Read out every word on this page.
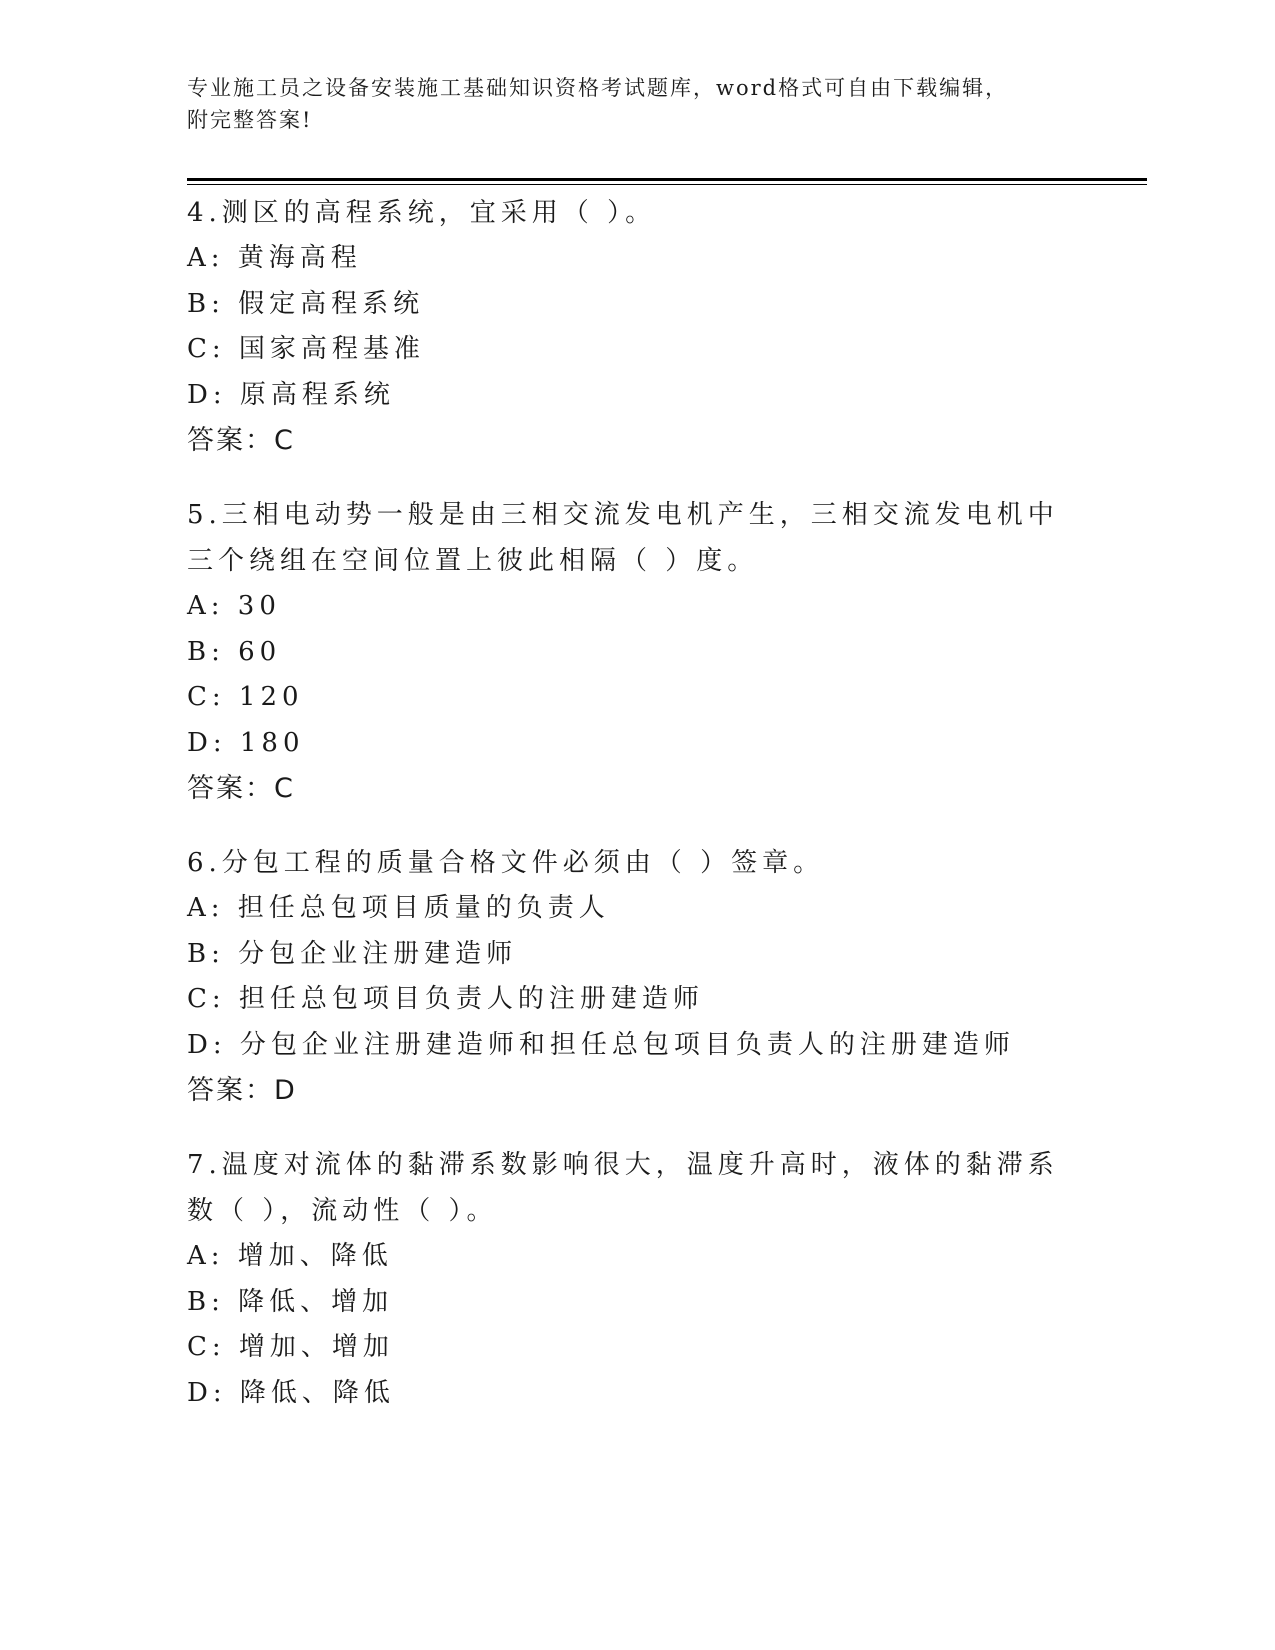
专业施工员之设备安装施工基础知识资格考试题库，word格式可自由下载编辑，
附完整答案!

4.测区的高程系统，宜采用（ ）。

A: 黄海高程

B: 假定高程系统

C: 国家高程基准

D: 原高程系统

答案：C

5.三相电动势一般是由三相交流发电机产生，三相交流发电机中三个绕组在空间位置上彼此相隔（ ）度。

A: 30

B: 60

C: 120

D: 180

答案：C

6.分包工程的质量合格文件必须由（ ）签章。

A: 担任总包项目质量的负责人

B: 分包企业注册建造师

C: 担任总包项目负责人的注册建造师

D: 分包企业注册建造师和担任总包项目负责人的注册建造师

答案：D

7.温度对流体的黏滞系数影响很大，温度升高时，液体的黏滞系数（ ），流动性（ ）。

A: 增加、降低

B: 降低、增加

C: 增加、增加

D: 降低、降低
